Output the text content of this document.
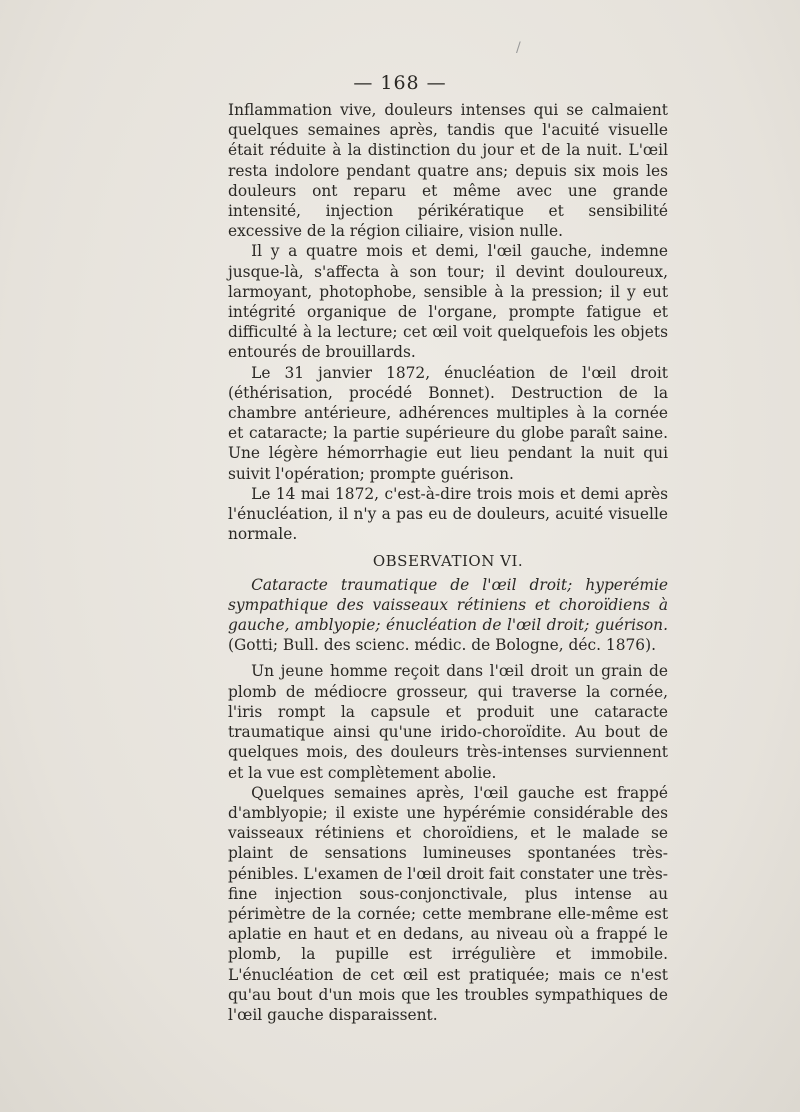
/
— 168 —

Inflammation vive, douleurs intenses qui se calmaient quelques semaines après, tandis que l'acuité visuelle était réduite à la distinction du jour et de la nuit. L'œil resta indolore pendant quatre ans; depuis six mois les douleurs ont reparu et même avec une grande intensité, injection périkératique et sensibilité excessive de la région ciliaire, vision nulle.

Il y a quatre mois et demi, l'œil gauche, indemne jusque-là, s'affecta à son tour; il devint douloureux, larmoyant, photophobe, sensible à la pression; il y eut intégrité organique de l'organe, prompte fatigue et difficulté à la lecture; cet œil voit quelquefois les objets entourés de brouillards.

Le 31 janvier 1872, énucléation de l'œil droit (éthérisation, procédé Bonnet). Destruction de la chambre antérieure, adhérences multiples à la cornée et cataracte; la partie supérieure du globe paraît saine. Une légère hémorrhagie eut lieu pendant la nuit qui suivit l'opération; prompte guérison.

Le 14 mai 1872, c'est-à-dire trois mois et demi après l'énucléation, il n'y a pas eu de douleurs, acuité visuelle normale.

OBSERVATION VI.

Cataracte traumatique de l'œil droit; hyperémie sympathique des vaisseaux rétiniens et choroïdiens à gauche, amblyopie; énucléation de l'œil droit; guérison. (Gotti; Bull. des scienc. médic. de Bologne, déc. 1876).

Un jeune homme reçoit dans l'œil droit un grain de plomb de médiocre grosseur, qui traverse la cornée, l'iris rompt la capsule et produit une cataracte traumatique ainsi qu'une irido-choroïdite. Au bout de quelques mois, des douleurs très-intenses surviennent et la vue est complètement abolie.

Quelques semaines après, l'œil gauche est frappé d'amblyopie; il existe une hypérémie considérable des vaisseaux rétiniens et choroïdiens, et le malade se plaint de sensations lumineuses spontanées très-pénibles. L'examen de l'œil droit fait constater une très-fine injection sous-conjonctivale, plus intense au périmètre de la cornée; cette membrane elle-même est aplatie en haut et en dedans, au niveau où a frappé le plomb, la pupille est irrégulière et immobile. L'énucléation de cet œil est pratiquée; mais ce n'est qu'au bout d'un mois que les troubles sympathiques de l'œil gauche disparaissent.
